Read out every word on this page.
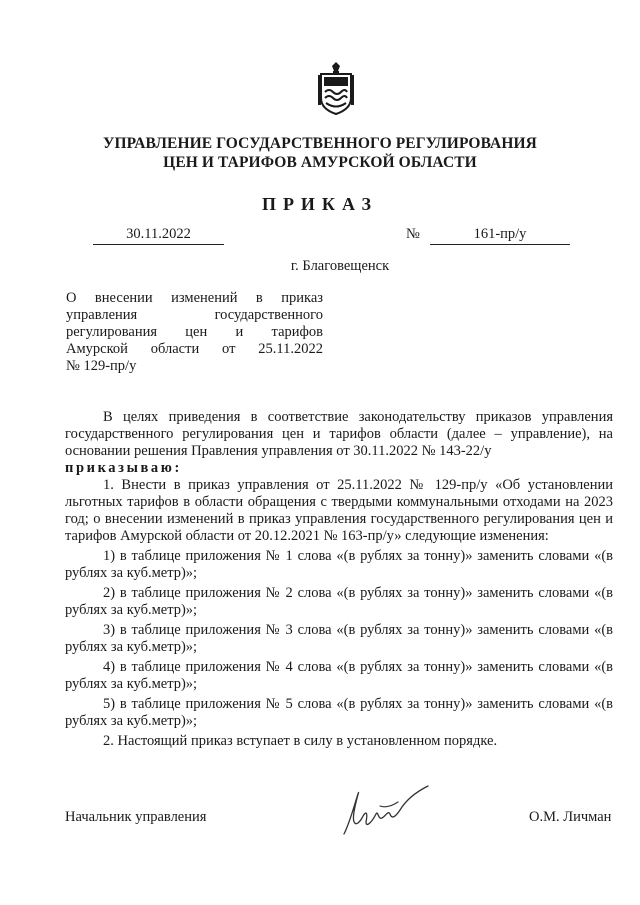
УПРАВЛЕНИЕ ГОСУДАРСТВЕННОГО РЕГУЛИРОВАНИЯ
ЦЕН И ТАРИФОВ АМУРСКОЙ ОБЛАСТИ
ПРИКАЗ
30.11.2022	№	161-пр/у
г. Благовещенск
О внесении изменений в приказ
управления государственного
регулирования цен и тарифов
Амурской области от 25.11.2022
№ 129-пр/у

В целях приведения в соответствие законодательству приказов управления государственного регулирования цен и тарифов области (далее – управление), на основании решения Правления управления от 30.11.2022 № 143-22/у

приказываю:

1. Внести в приказ управления от 25.11.2022 № 129-пр/у «Об установлении льготных тарифов в области обращения с твердыми коммунальными отходами на 2023 год; о внесении изменений в приказ управления государственного регулирования цен и тарифов Амурской области от 20.12.2021 № 163-пр/у» следующие изменения:

1) в таблице приложения № 1 слова «(в рублях за тонну)» заменить словами «(в рублях за куб.метр)»;

2) в таблице приложения № 2 слова «(в рублях за тонну)» заменить словами «(в рублях за куб.метр)»;

3) в таблице приложения № 3 слова «(в рублях за тонну)» заменить словами «(в рублях за куб.метр)»;

4) в таблице приложения № 4 слова «(в рублях за тонну)» заменить словами «(в рублях за куб.метр)»;

5) в таблице приложения № 5 слова «(в рублях за тонну)» заменить словами «(в рублях за куб.метр)»;

2. Настоящий приказ вступает в силу в установленном порядке.

Начальник управления	О.М. Личман
